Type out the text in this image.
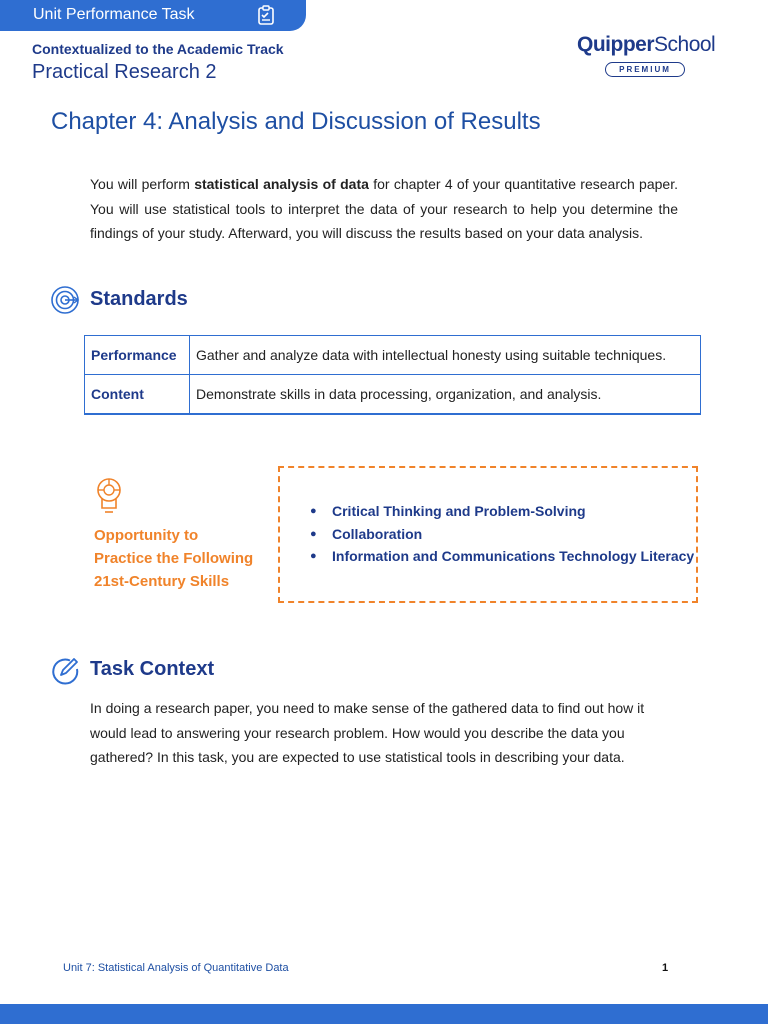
Unit Performance Task
Contextualized to the Academic Track
Practical Research 2
QuipperSchool
PREMIUM
Chapter 4: Analysis and Discussion of Results
You will perform statistical analysis of data for chapter 4 of your quantitative research paper. You will use statistical tools to interpret the data of your research to help you determine the findings of your study. Afterward, you will discuss the results based on your data analysis.
Standards
Performance	Gather and analyze data with intellectual honesty using suitable techniques.
Content	Demonstrate skills in data processing, organization, and analysis.
Opportunity to
Practice the Following
21st-Century Skills
● Critical Thinking and Problem-Solving
● Collaboration
● Information and Communications Technology Literacy
Task Context
In doing a research paper, you need to make sense of the gathered data to find out how it would lead to answering your research problem. How would you describe the data you gathered? In this task, you are expected to use statistical tools in describing your data.
Unit 7: Statistical Analysis of Quantitative Data	1
